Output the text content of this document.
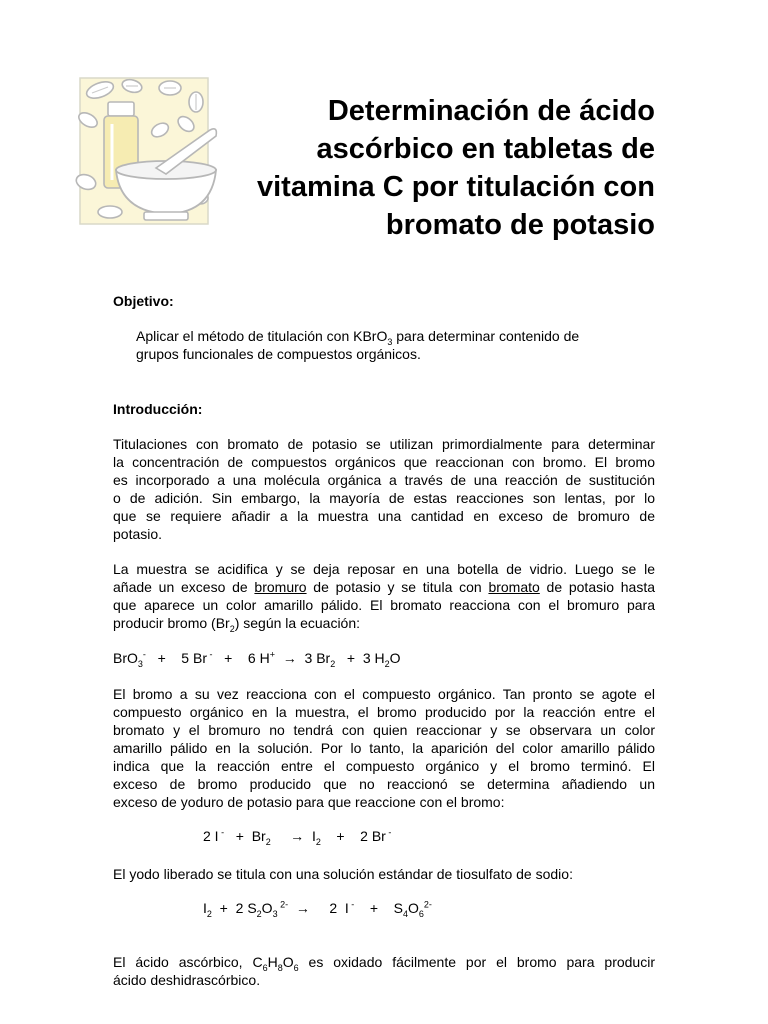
Determinación de ácido
ascórbico en tabletas de
vitamina C por titulación con
bromato de potasio

Objetivo:

Aplicar el método de titulación con KBrO$_3$ para determinar contenido de
grupos funcionales de compuestos orgánicos.

Introducción:

Titulaciones con bromato de potasio se utilizan primordialmente para determinar
la concentración de compuestos orgánicos que reaccionan con bromo. El bromo
es incorporado a una molécula orgánica a través de una reacción de sustitución
o de adición. Sin embargo, la mayoría de estas reacciones son lentas, por lo
que se requiere añadir a la muestra una cantidad en exceso de bromuro de
potasio.

La muestra se acidifica y se deja reposar en una botella de vidrio. Luego se le
añade un exceso de bromuro de potasio y se titula con bromato de potasio hasta
que aparece un color amarillo pálido. El bromato reacciona con el bromuro para
producir bromo $(Br_2)$ según la ecuación:

BrO$_3$-   +    5 Br -   +    6 H+  →  3 $Br_2 + 3$ $H_2O$

El bromo a su vez reacciona con el compuesto orgánico. Tan pronto se agote el
compuesto orgánico en la muestra, el bromo producido por la reacción entre el
bromato y el bromuro no tendrá con quien reaccionar y se observara un color
amarillo pálido en la solución. Por lo tanto, la aparición del color amarillo pálido
indica que la reacción entre el compuesto orgánico y el bromo terminó. El
exceso de bromo producido que no reaccionó se determina añadiendo un
exceso de yoduro de potasio para que reaccione con el bromo:

2 I $^- + Br_2$     →  $I_2$    +    2 Br -

El yodo liberado se titula con una solución estándar de tiosulfato de sodio:

$I_2 + 2$ $S_2O_3$ $^{2-}$  →     2  I -    +    $S_4O_6^{2-}$

El ácido ascórbico, $C_6H_8O_6$ es oxidado fácilmente por el bromo para producir
ácido deshidrascórbico.
